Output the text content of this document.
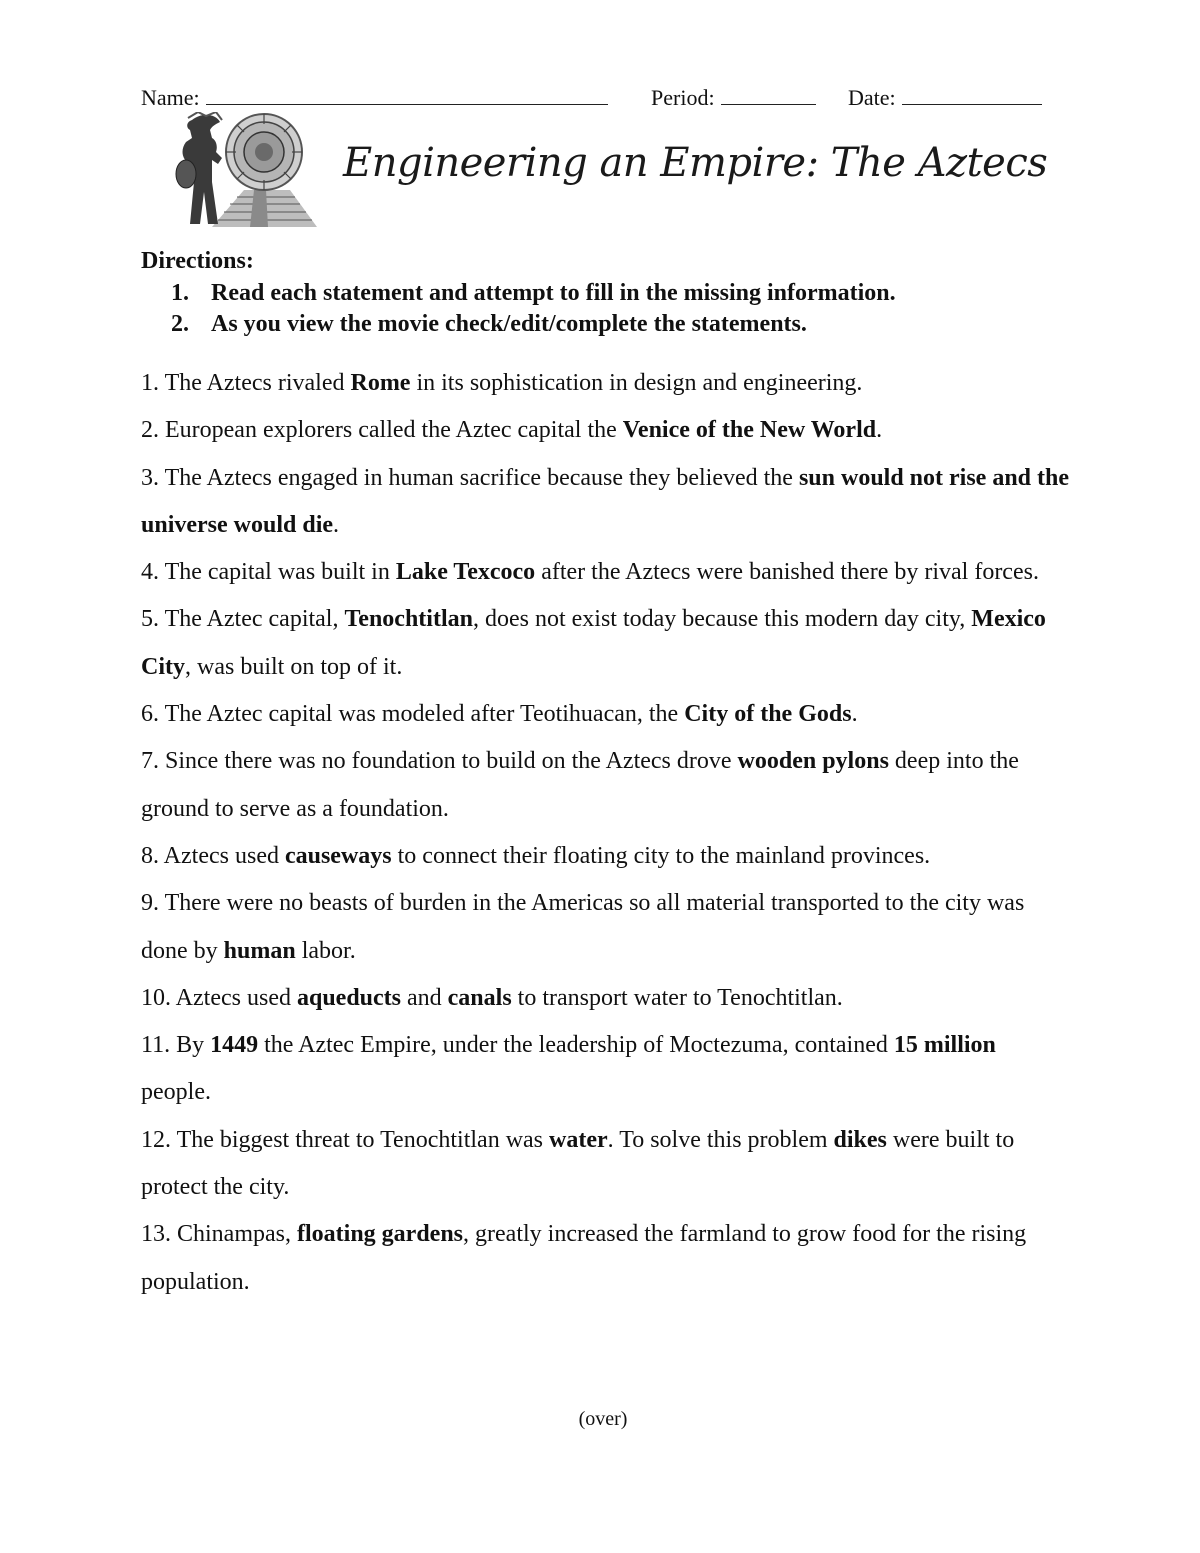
Name:	Period:	Date:
Engineering an Empire: The Aztecs
Directions:
1. Read each statement and attempt to fill in the missing information.
2. As you view the movie check/edit/complete the statements.
1. The Aztecs rivaled Rome in its sophistication in design and engineering.
2. European explorers called the Aztec capital the Venice of the New World.
3. The Aztecs engaged in human sacrifice because they believed the sun would not rise and the universe would die.
4. The capital was built in Lake Texcoco after the Aztecs were banished there by rival forces.
5. The Aztec capital, Tenochtitlan, does not exist today because this modern day city, Mexico City, was built on top of it.
6. The Aztec capital was modeled after Teotihuacan, the City of the Gods.
7. Since there was no foundation to build on the Aztecs drove wooden pylons deep into the ground to serve as a foundation.
8. Aztecs used causeways to connect their floating city to the mainland provinces.
9. There were no beasts of burden in the Americas so all material transported to the city was done by human labor.
10. Aztecs used aqueducts and canals to transport water to Tenochtitlan.
11. By 1449 the Aztec Empire, under the leadership of Moctezuma, contained 15 million people.
12. The biggest threat to Tenochtitlan was water. To solve this problem dikes were built to protect the city.
13. Chinampas, floating gardens, greatly increased the farmland to grow food for the rising population.
(over)
